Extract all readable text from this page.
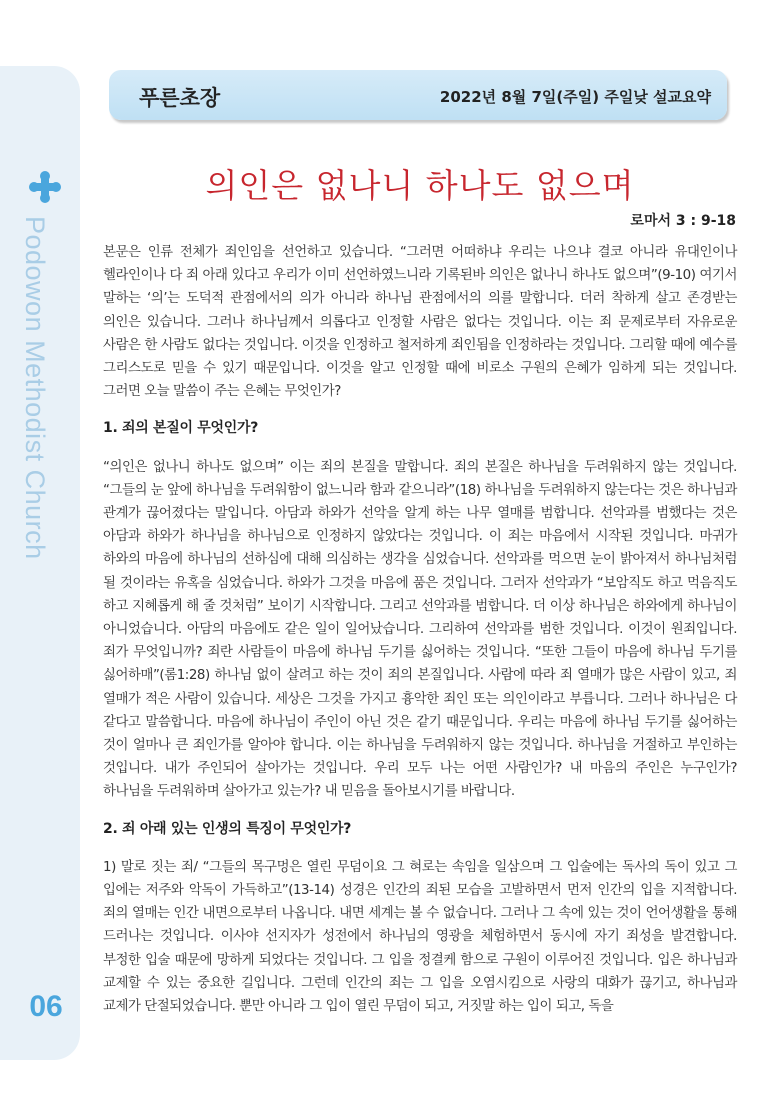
Podowon Methodist Church
06
푸른초장	2022년 8월 7일(주일) 주일낮 설교요약
의인은 없나니 하나도 없으며
로마서 3 : 9-18

본문은 인류 전체가 죄인임을 선언하고 있습니다. “그러면 어떠하냐 우리는 나으냐 결코 아니라 유대인이나 헬라인이나 다 죄 아래 있다고 우리가 이미 선언하였느니라 기록된바 의인은 없나니 하나도 없으며”(9-10) 여기서 말하는 ‘의’는 도덕적 관점에서의 의가 아니라 하나님 관점에서의 의를 말합니다. 더러 착하게 살고 존경받는 의인은 있습니다. 그러나 하나님께서 의롭다고 인정할 사람은 없다는 것입니다. 이는 죄 문제로부터 자유로운 사람은 한 사람도 없다는 것입니다. 이것을 인정하고 철저하게 죄인됨을 인정하라는 것입니다. 그리할 때에 예수를 그리스도로 믿을 수 있기 때문입니다. 이것을 알고 인정할 때에 비로소 구원의 은혜가 임하게 되는 것입니다. 그러면 오늘 말씀이 주는 은혜는 무엇인가?

1. 죄의 본질이 무엇인가?

“의인은 없나니 하나도 없으며” 이는 죄의 본질을 말합니다. 죄의 본질은 하나님을 두려워하지 않는 것입니다. “그들의 눈 앞에 하나님을 두려워함이 없느니라 함과 같으니라”(18) 하나님을 두려워하지 않는다는 것은 하나님과 관계가 끊어졌다는 말입니다. 아담과 하와가 선악을 알게 하는 나무 열매를 범합니다. 선악과를 범했다는 것은 아담과 하와가 하나님을 하나님으로 인정하지 않았다는 것입니다. 이 죄는 마음에서 시작된 것입니다. 마귀가 하와의 마음에 하나님의 선하심에 대해 의심하는 생각을 심었습니다. 선악과를 먹으면 눈이 밝아져서 하나님처럼 될 것이라는 유혹을 심었습니다. 하와가 그것을 마음에 품은 것입니다. 그러자 선악과가 “보암직도 하고 먹음직도 하고 지혜롭게 해 줄 것처럼” 보이기 시작합니다. 그리고 선악과를 범합니다. 더 이상 하나님은 하와에게 하나님이 아니었습니다. 아담의 마음에도 같은 일이 일어났습니다. 그리하여 선악과를 범한 것입니다. 이것이 원죄입니다. 죄가 무엇입니까? 죄란 사람들이 마음에 하나님 두기를 싫어하는 것입니다. “또한 그들이 마음에 하나님 두기를 싫어하매”(롬1:28) 하나님 없이 살려고 하는 것이 죄의 본질입니다. 사람에 따라 죄 열매가 많은 사람이 있고, 죄 열매가 적은 사람이 있습니다. 세상은 그것을 가지고 흉악한 죄인 또는 의인이라고 부릅니다. 그러나 하나님은 다 같다고 말씀합니다. 마음에 하나님이 주인이 아닌 것은 같기 때문입니다. 우리는 마음에 하나님 두기를 싫어하는 것이 얼마나 큰 죄인가를 알아야 합니다. 이는 하나님을 두려워하지 않는 것입니다. 하나님을 거절하고 부인하는 것입니다. 내가 주인되어 살아가는 것입니다. 우리 모두 나는 어떤 사람인가? 내 마음의 주인은 누구인가? 하나님을 두려워하며 살아가고 있는가? 내 믿음을 돌아보시기를 바랍니다.

2. 죄 아래 있는 인생의 특징이 무엇인가?

1) 말로 짓는 죄/ “그들의 목구멍은 열린 무덤이요 그 혀로는 속임을 일삼으며 그 입술에는 독사의 독이 있고 그 입에는 저주와 악독이 가득하고”(13-14) 성경은 인간의 죄된 모습을 고발하면서 먼저 인간의 입을 지적합니다. 죄의 열매는 인간 내면으로부터 나옵니다. 내면 세계는 볼 수 없습니다. 그러나 그 속에 있는 것이 언어생활을 통해 드러나는 것입니다. 이사야 선지자가 성전에서 하나님의 영광을 체험하면서 동시에 자기 죄성을 발견합니다. 부정한 입술 때문에 망하게 되었다는 것입니다. 그 입을 정결케 함으로 구원이 이루어진 것입니다. 입은 하나님과 교제할 수 있는 중요한 길입니다. 그런데 인간의 죄는 그 입을 오염시킴으로 사랑의 대화가 끊기고, 하나님과 교제가 단절되었습니다. 뿐만 아니라 그 입이 열린 무덤이 되고, 거짓말 하는 입이 되고, 독을
